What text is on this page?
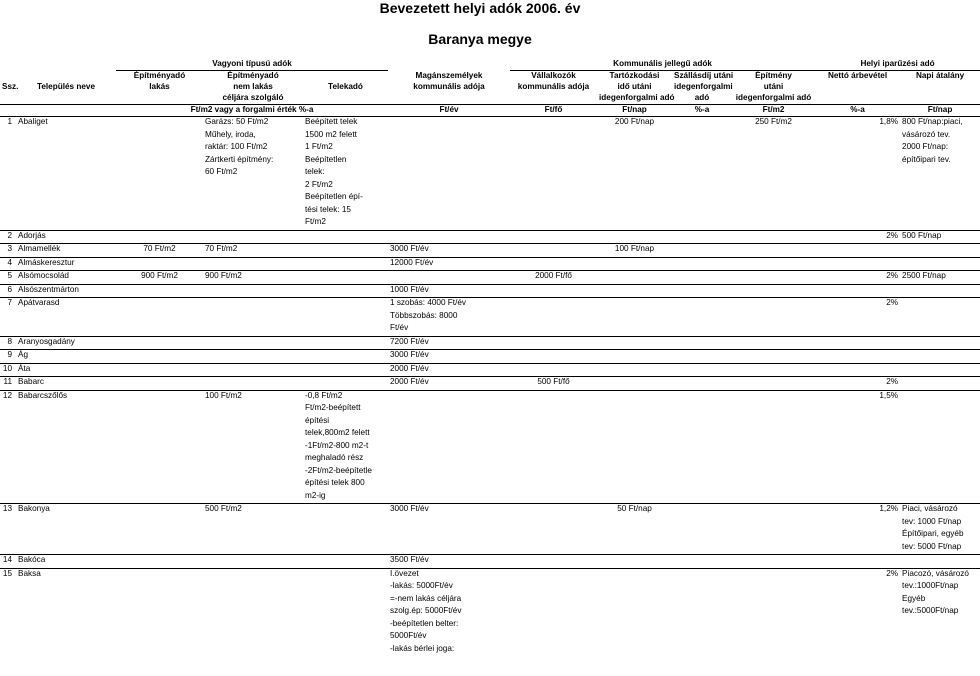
Bevezetett helyi adók 2006. év
Baranya megye
		Vagyoni típusú adók				Kommunális jellegű adók				Helyi iparűzési adó	
		Építményadó	Építményadó		Magánszemélyek	Vállalkozók	Tartózkodási	Szállásdíj utáni	Építmény	Nettó árbevétel	Napi átalány
Ssz.	Település neve	lakás	nem lakás	Telekadó	kommunális adója	kommunális adója	idő utáni	idegenforgalmi	utáni		
			céljára szolgáló				idegenforgalmi adó	adó	idegenforgalmi adó		
		Ft/m2 vagy a forgalmi érték %-a			Ft/év	Ft/fő	Ft/nap	%-a	Ft/m2	%-a	Ft/nap
1	Abaliget		Garázs: 50 Ft/m2	Beépített telek			200 Ft/nap		250 Ft/m2	1,8%	800 Ft/nap:piaci,
			Műhely, iroda,	1500 m2 felett							vásározó tev.
			raktár: 100 Ft/m2	1 Ft/m2							2000 Ft/nap:
			Zártkerti építmény:	Beépítetlen							építőipari tev.
			60 Ft/m2	telek:							
				2 Ft/m2							
				Beépítetlen épí-							
				tési telek: 15							
				Ft/m2							
2	Adorjás									2%	500 Ft/nap
3	Almamellék	70 Ft/m2	70 Ft/m2		3000 Ft/év		100 Ft/nap				
4	Almáskeresztur				12000 Ft/év						
5	Alsómocsolád	900 Ft/m2	900 Ft/m2			2000 Ft/fő				2%	2500 Ft/nap
6	Alsószentmárton				1000 Ft/év						
7	Apátvarasd				1 szobás: 4000 Ft/év					2%	
					Többszobás: 8000						
					Ft/év						
8	Aranyosgadány				7200 Ft/év						
9	Ág				3000 Ft/év						
10	Áta				2000 Ft/év						
11	Babarc				2000 Ft/év	500 Ft/fő				2%	
12	Babarcszőlős		100 Ft/m2	-0,8 Ft/m2						1,5%	
				Ft/m2-beépített							
				építési							
				telek,800m2 felett							
				-1Ft/m2-800 m2-t							
				meghaladó rész							
				-2Ft/m2-beépítetle							
				építési telek 800							
				m2-ig							
13	Bakonya		500 Ft/m2		3000 Ft/év		50 Ft/nap			1,2%	Piaci, vásározó
											tev: 1000 Ft/nap
											Építőipari, egyéb
											tev: 5000 Ft/nap
14	Bakóca				3500 Ft/év						
15	Baksa				I.övezet					2%	Piacozó, vásározó
					-lakás: 5000Ft/év						tev.:1000Ft/nap
					=-nem lakás céljára						Egyéb
					szolg.ép: 5000Ft/év						tev.:5000Ft/nap
					-beépítetlen belter:						
					5000Ft/év						
					-lakás bérlei joga:						
